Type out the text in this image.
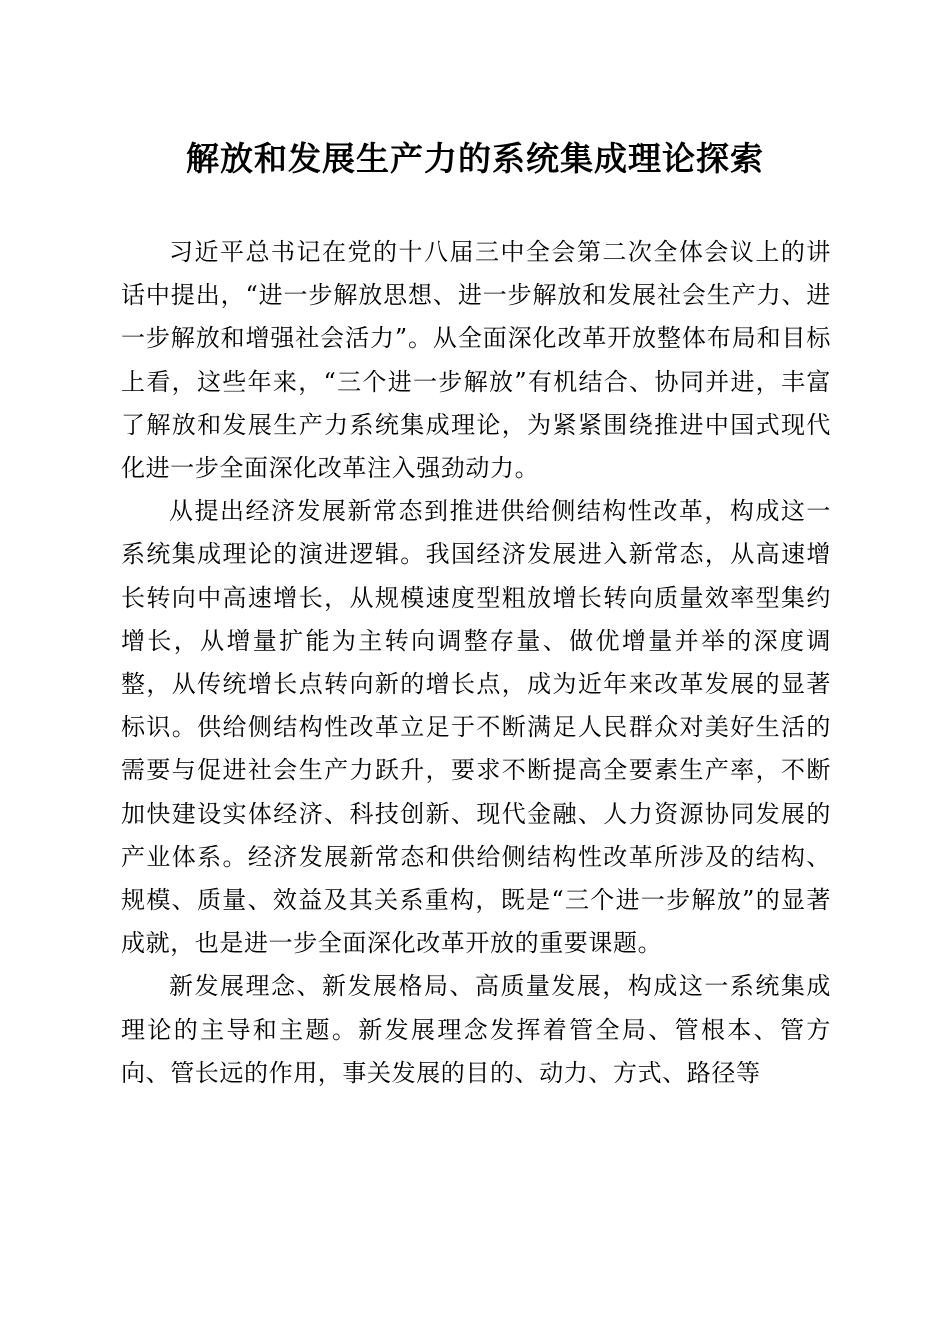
解放和发展生产力的系统集成理论探索

习近平总书记在党的十八届三中全会第二次全体会议上的讲话中提出，“进一步解放思想、进一步解放和发展社会生产力、进一步解放和增强社会活力”。从全面深化改革开放整体布局和目标上看，这些年来，“三个进一步解放”有机结合、协同并进，丰富了解放和发展生产力系统集成理论，为紧紧围绕推进中国式现代化进一步全面深化改革注入强劲动力。

从提出经济发展新常态到推进供给侧结构性改革，构成这一系统集成理论的演进逻辑。我国经济发展进入新常态，从高速增长转向中高速增长，从规模速度型粗放增长转向质量效率型集约增长，从增量扩能为主转向调整存量、做优增量并举的深度调整，从传统增长点转向新的增长点，成为近年来改革发展的显著标识。供给侧结构性改革立足于不断满足人民群众对美好生活的需要与促进社会生产力跃升，要求不断提高全要素生产率，不断加快建设实体经济、科技创新、现代金融、人力资源协同发展的产业体系。经济发展新常态和供给侧结构性改革所涉及的结构、规模、质量、效益及其关系重构，既是“三个进一步解放”的显著成就，也是进一步全面深化改革开放的重要课题。

新发展理念、新发展格局、高质量发展，构成这一系统集成理论的主导和主题。新发展理念发挥着管全局、管根本、管方向、管长远的作用，事关发展的目的、动力、方式、路径等
